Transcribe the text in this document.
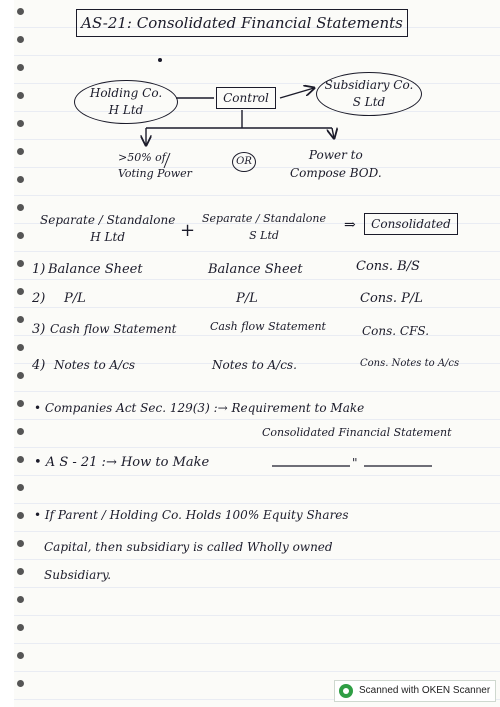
AS-21: Consolidated Financial Statements
Holding Co.
H Ltd
Control
Subsidiary Co.
S Ltd
>50% of
Voting Power
OR	Power to
Compose BOD.
Separate / Standalone
H Ltd	+
Separate / Standalone
S Ltd
⇒	Consolidated
1) Balance Sheet	Balance Sheet	Cons. B/S
2) P/L	P/L	Cons. P/L
3) Cash flow Statement	Cash flow Statement	Cons. CFS.
4) Notes to A/cs	Notes to A/cs.	Cons. Notes to A/cs
• Companies Act Sec. 129(3) :→ Requirement to Make
Consolidated Financial Statement
• A S - 21 :→ How to Make	"
• If Parent / Holding Co. Holds 100% Equity Shares
Capital, then subsidiary is called Wholly owned
Subsidiary.
Scanned with OKEN Scanner
